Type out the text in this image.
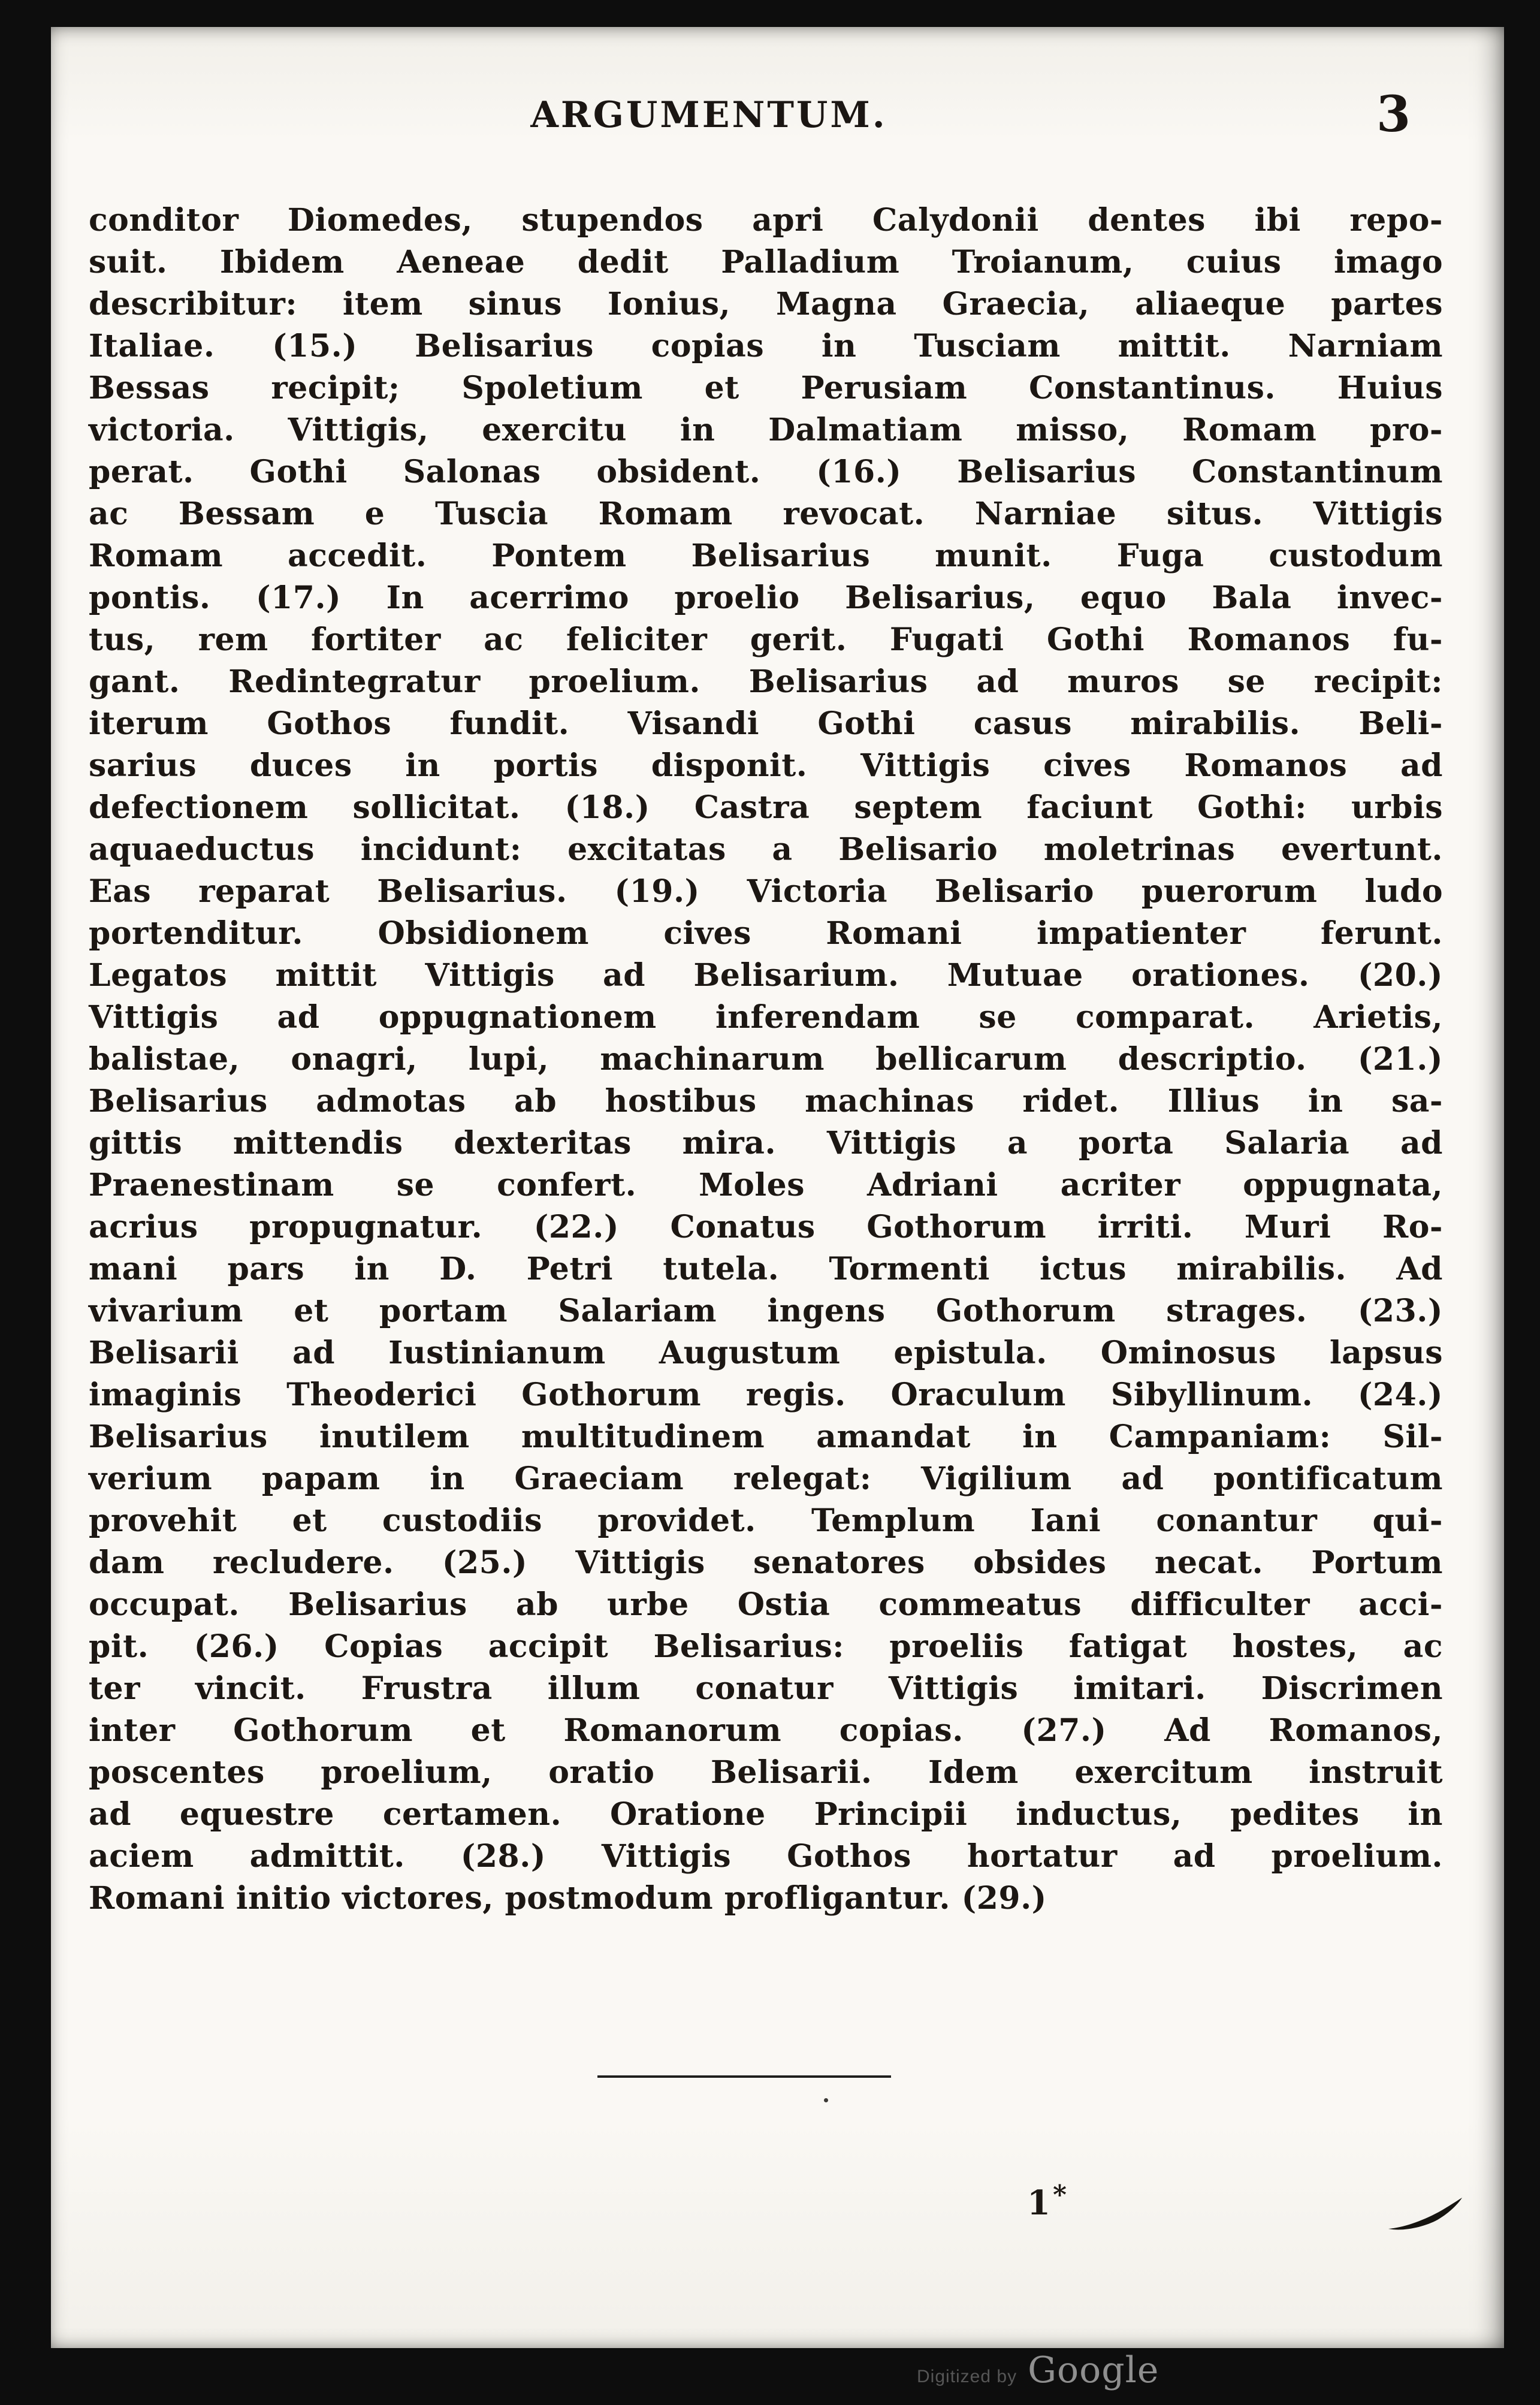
ARGUMENTUM.	3
conditor Diomedes, stupendos apri Calydonii dentes ibi repo-
suit. Ibidem Aeneae dedit Palladium Troianum, cuius imago
describitur: item sinus Ionius, Magna Graecia, aliaeque partes
Italiae. (15.) Belisarius copias in Tusciam mittit. Narniam
Bessas recipit; Spoletium et Perusiam Constantinus. Huius
victoria. Vittigis, exercitu in Dalmatiam misso, Romam pro-
perat. Gothi Salonas obsident. (16.) Belisarius Constantinum
ac Bessam e Tuscia Romam revocat. Narniae situs. Vittigis
Romam accedit. Pontem Belisarius munit. Fuga custodum
pontis. (17.) In acerrimo proelio Belisarius, equo Bala invec-
tus, rem fortiter ac feliciter gerit. Fugati Gothi Romanos fu-
gant. Redintegratur proelium. Belisarius ad muros se recipit:
iterum Gothos fundit. Visandi Gothi casus mirabilis. Beli-
sarius duces in portis disponit. Vittigis cives Romanos ad
defectionem sollicitat. (18.) Castra septem faciunt Gothi: urbis
aquaeductus incidunt: excitatas a Belisario moletrinas evertunt.
Eas reparat Belisarius. (19.) Victoria Belisario puerorum ludo
portenditur. Obsidionem cives Romani impatienter ferunt.
Legatos mittit Vittigis ad Belisarium. Mutuae orationes. (20.)
Vittigis ad oppugnationem inferendam se comparat. Arietis,
balistae, onagri, lupi, machinarum bellicarum descriptio. (21.)
Belisarius admotas ab hostibus machinas ridet. Illius in sa-
gittis mittendis dexteritas mira. Vittigis a porta Salaria ad
Praenestinam se confert. Moles Adriani acriter oppugnata,
acrius propugnatur. (22.) Conatus Gothorum irriti. Muri Ro-
mani pars in D. Petri tutela. Tormenti ictus mirabilis. Ad
vivarium et portam Salariam ingens Gothorum strages. (23.)
Belisarii ad Iustinianum Augustum epistula. Ominosus lapsus
imaginis Theoderici Gothorum regis. Oraculum Sibyllinum. (24.)
Belisarius inutilem multitudinem amandat in Campaniam: Sil-
verium papam in Graeciam relegat: Vigilium ad pontificatum
provehit et custodiis providet. Templum Iani conantur qui-
dam recludere. (25.) Vittigis senatores obsides necat. Portum
occupat. Belisarius ab urbe Ostia commeatus difficulter acci-
pit. (26.) Copias accipit Belisarius: proeliis fatigat hostes, ac
ter vincit. Frustra illum conatur Vittigis imitari. Discrimen
inter Gothorum et Romanorum copias. (27.) Ad Romanos,
poscentes proelium, oratio Belisarii. Idem exercitum instruit
ad equestre certamen. Oratione Principii inductus, pedites in
aciem admittit. (28.) Vittigis Gothos hortatur ad proelium.
Romani initio victores, postmodum profligantur. (29.)
1*
Digitized by Google
